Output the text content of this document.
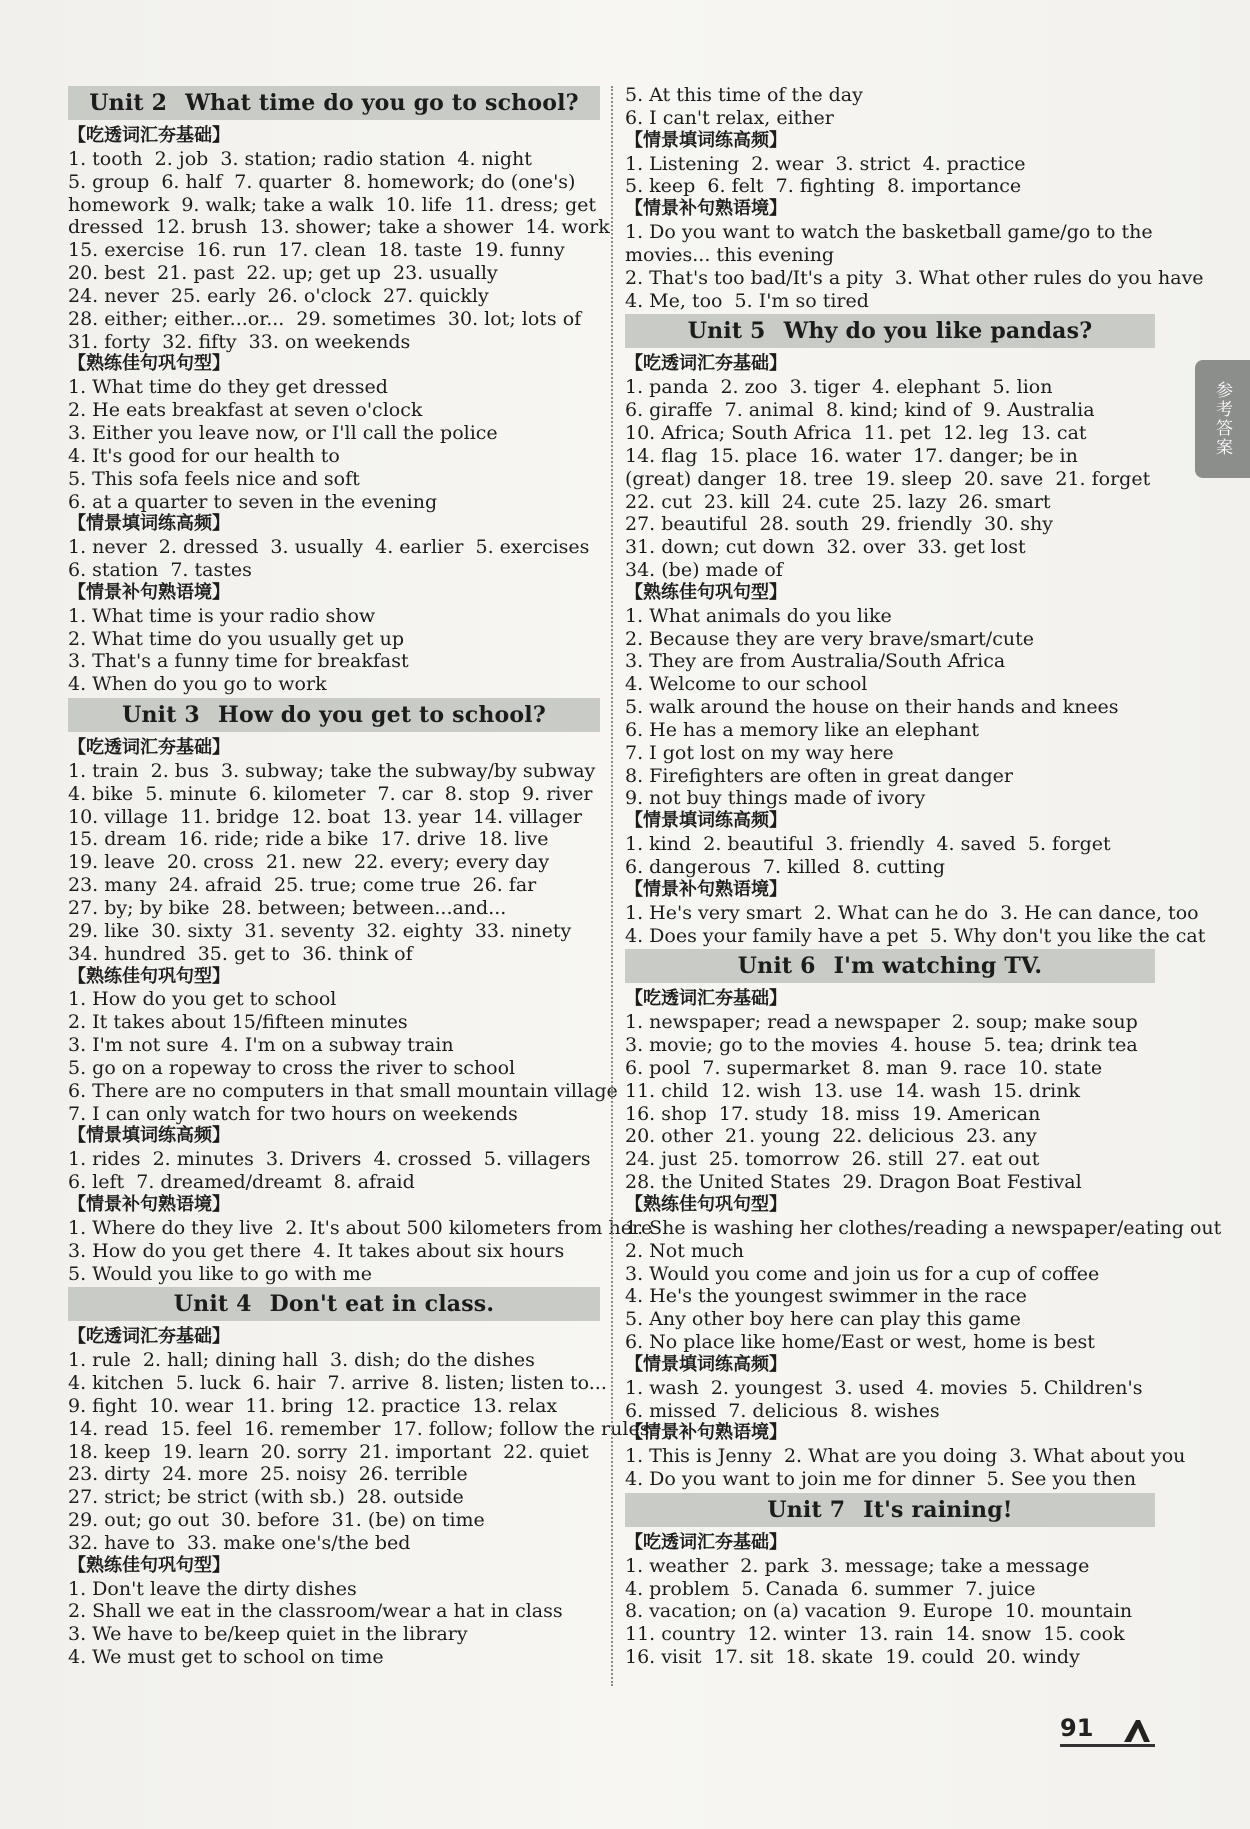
Unit 2 What time do you go to school?
【吃透词汇夯基础】
1. tooth  2. job  3. station; radio station  4. night
5. group  6. half  7. quarter  8. homework; do (one's)
homework  9. walk; take a walk  10. life  11. dress; get
dressed  12. brush  13. shower; take a shower  14. work
15. exercise  16. run  17. clean  18. taste  19. funny
20. best  21. past  22. up; get up  23. usually
24. never  25. early  26. o'clock  27. quickly
28. either; either...or...  29. sometimes  30. lot; lots of
31. forty  32. fifty  33. on weekends
【熟练佳句巩句型】
1. What time do they get dressed
2. He eats breakfast at seven o'clock
3. Either you leave now, or I'll call the police
4. It's good for our health to
5. This sofa feels nice and soft
6. at a quarter to seven in the evening
【情景填词练高频】
1. never  2. dressed  3. usually  4. earlier  5. exercises
6. station  7. tastes
【情景补句熟语境】
1. What time is your radio show
2. What time do you usually get up
3. That's a funny time for breakfast
4. When do you go to work
Unit 3 How do you get to school?
【吃透词汇夯基础】
1. train  2. bus  3. subway; take the subway/by subway
4. bike  5. minute  6. kilometer  7. car  8. stop  9. river
10. village  11. bridge  12. boat  13. year  14. villager
15. dream  16. ride; ride a bike  17. drive  18. live
19. leave  20. cross  21. new  22. every; every day
23. many  24. afraid  25. true; come true  26. far
27. by; by bike  28. between; between...and...
29. like  30. sixty  31. seventy  32. eighty  33. ninety
34. hundred  35. get to  36. think of
【熟练佳句巩句型】
1. How do you get to school
2. It takes about 15/fifteen minutes
3. I'm not sure  4. I'm on a subway train
5. go on a ropeway to cross the river to school
6. There are no computers in that small mountain village
7. I can only watch for two hours on weekends
【情景填词练高频】
1. rides  2. minutes  3. Drivers  4. crossed  5. villagers
6. left  7. dreamed/dreamt  8. afraid
【情景补句熟语境】
1. Where do they live  2. It's about 500 kilometers from here
3. How do you get there  4. It takes about six hours
5. Would you like to go with me
Unit 4 Don't eat in class.
【吃透词汇夯基础】
1. rule  2. hall; dining hall  3. dish; do the dishes
4. kitchen  5. luck  6. hair  7. arrive  8. listen; listen to...
9. fight  10. wear  11. bring  12. practice  13. relax
14. read  15. feel  16. remember  17. follow; follow the rules
18. keep  19. learn  20. sorry  21. important  22. quiet
23. dirty  24. more  25. noisy  26. terrible
27. strict; be strict (with sb.)  28. outside
29. out; go out  30. before  31. (be) on time
32. have to  33. make one's/the bed
【熟练佳句巩句型】
1. Don't leave the dirty dishes
2. Shall we eat in the classroom/wear a hat in class
3. We have to be/keep quiet in the library
4. We must get to school on time
5. At this time of the day
6. I can't relax, either
【情景填词练高频】
1. Listening  2. wear  3. strict  4. practice
5. keep  6. felt  7. fighting  8. importance
【情景补句熟语境】
1. Do you want to watch the basketball game/go to the
movies... this evening
2. That's too bad/It's a pity  3. What other rules do you have
4. Me, too  5. I'm so tired
Unit 5 Why do you like pandas?
【吃透词汇夯基础】
1. panda  2. zoo  3. tiger  4. elephant  5. lion
6. giraffe  7. animal  8. kind; kind of  9. Australia
10. Africa; South Africa  11. pet  12. leg  13. cat
14. flag  15. place  16. water  17. danger; be in
(great) danger  18. tree  19. sleep  20. save  21. forget
22. cut  23. kill  24. cute  25. lazy  26. smart
27. beautiful  28. south  29. friendly  30. shy
31. down; cut down  32. over  33. get lost
34. (be) made of
【熟练佳句巩句型】
1. What animals do you like
2. Because they are very brave/smart/cute
3. They are from Australia/South Africa
4. Welcome to our school
5. walk around the house on their hands and knees
6. He has a memory like an elephant
7. I got lost on my way here
8. Firefighters are often in great danger
9. not buy things made of ivory
【情景填词练高频】
1. kind  2. beautiful  3. friendly  4. saved  5. forget
6. dangerous  7. killed  8. cutting
【情景补句熟语境】
1. He's very smart  2. What can he do  3. He can dance, too
4. Does your family have a pet  5. Why don't you like the cat
Unit 6 I'm watching TV.
【吃透词汇夯基础】
1. newspaper; read a newspaper  2. soup; make soup
3. movie; go to the movies  4. house  5. tea; drink tea
6. pool  7. supermarket  8. man  9. race  10. state
11. child  12. wish  13. use  14. wash  15. drink
16. shop  17. study  18. miss  19. American
20. other  21. young  22. delicious  23. any
24. just  25. tomorrow  26. still  27. eat out
28. the United States  29. Dragon Boat Festival
【熟练佳句巩句型】
1. She is washing her clothes/reading a newspaper/eating out
2. Not much
3. Would you come and join us for a cup of coffee
4. He's the youngest swimmer in the race
5. Any other boy here can play this game
6. No place like home/East or west, home is best
【情景填词练高频】
1. wash  2. youngest  3. used  4. movies  5. Children's
6. missed  7. delicious  8. wishes
【情景补句熟语境】
1. This is Jenny  2. What are you doing  3. What about you
4. Do you want to join me for dinner  5. See you then
Unit 7 It's raining!
【吃透词汇夯基础】
1. weather  2. park  3. message; take a message
4. problem  5. Canada  6. summer  7. juice
8. vacation; on (a) vacation  9. Europe  10. mountain
11. country  12. winter  13. rain  14. snow  15. cook
16. visit  17. sit  18. skate  19. could  20. windy
参考答案
91
